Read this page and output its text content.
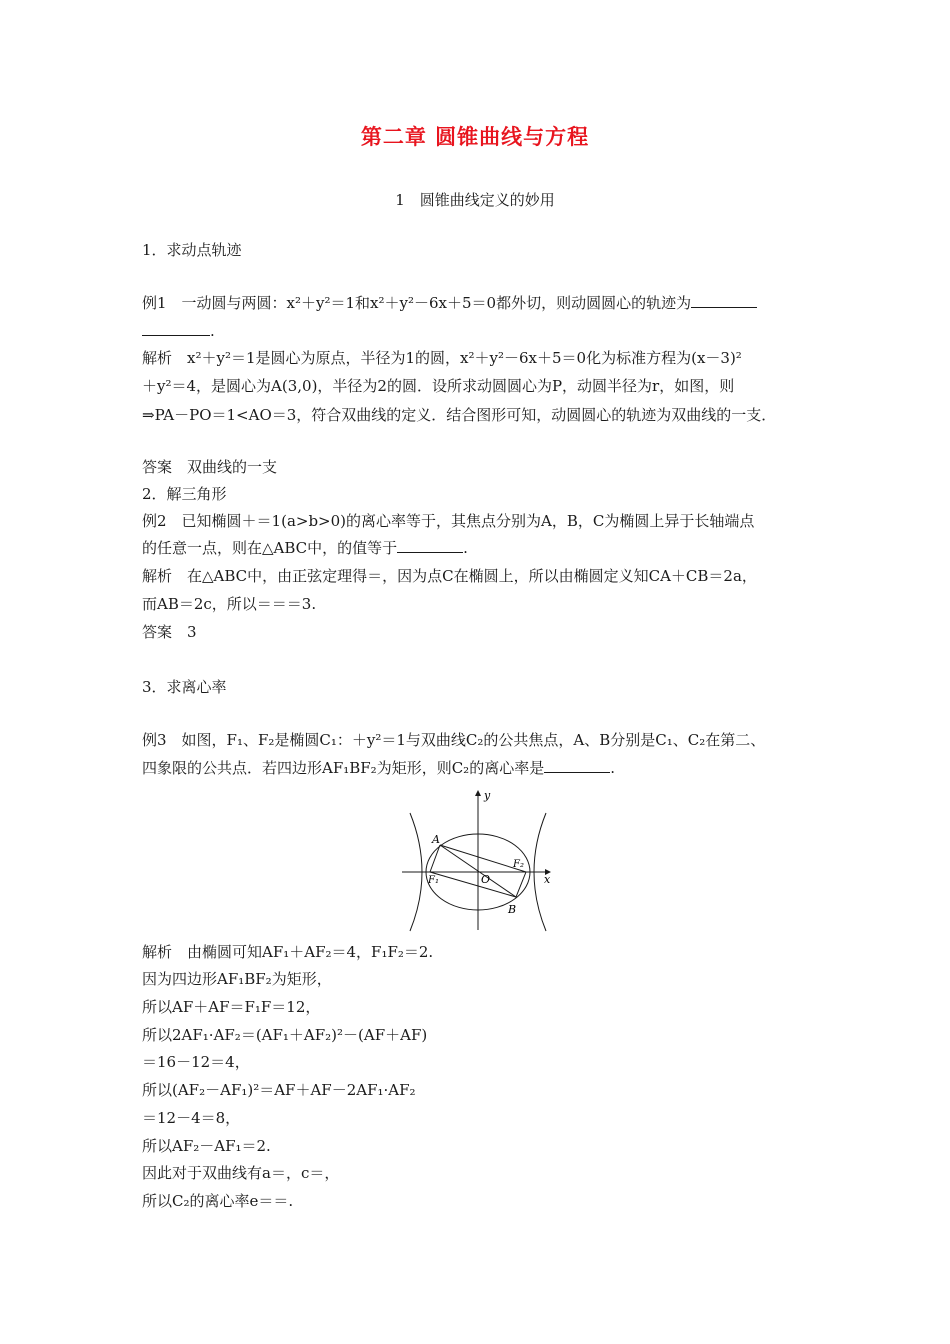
第二章 圆锥曲线与方程
1　圆锥曲线定义的妙用
1．求动点轨迹
例1　一动圆与两圆：x²＋y²＝1和x²＋y²－6x＋5＝0都外切，则动圆圆心的轨迹为
.
解析　x²＋y²＝1是圆心为原点，半径为1的圆，x²＋y²－6x＋5＝0化为标准方程为(x－3)²
＋y²＝4，是圆心为A(3,0)，半径为2的圆．设所求动圆圆心为P，动圆半径为r，如图，则
⇒PA－PO＝1<AO＝3，符合双曲线的定义．结合图形可知，动圆圆心的轨迹为双曲线的一支．
答案　双曲线的一支
2．解三角形
例2　已知椭圆＋＝1(a>b>0)的离心率等于，其焦点分别为A，B，C为椭圆上异于长轴端点
的任意一点，则在△ABC中，的值等于	.
解析　在△ABC中，由正弦定理得＝，因为点C在椭圆上，所以由椭圆定义知CA＋CB＝2a，
而AB＝2c，所以＝＝＝3.
答案　3
3．求离心率
例3　如图，F₁、F₂是椭圆C₁：＋y²＝1与双曲线C₂的公共焦点，A、B分别是C₁、C₂在第二、
四象限的公共点．若四边形AF₁BF₂为矩形，则C₂的离心率是	.
y
x
A
B
O
F₁
F₂
解析　由椭圆可知AF₁＋AF₂＝4，F₁F₂＝2.
因为四边形AF₁BF₂为矩形，
所以AF＋AF＝F₁F＝12，
所以2AF₁·AF₂＝(AF₁＋AF₂)²－(AF＋AF)
＝16－12＝4，
所以(AF₂－AF₁)²＝AF＋AF－2AF₁·AF₂
＝12－4＝8，
所以AF₂－AF₁＝2.
因此对于双曲线有a＝，c＝，
所以C₂的离心率e＝＝.
